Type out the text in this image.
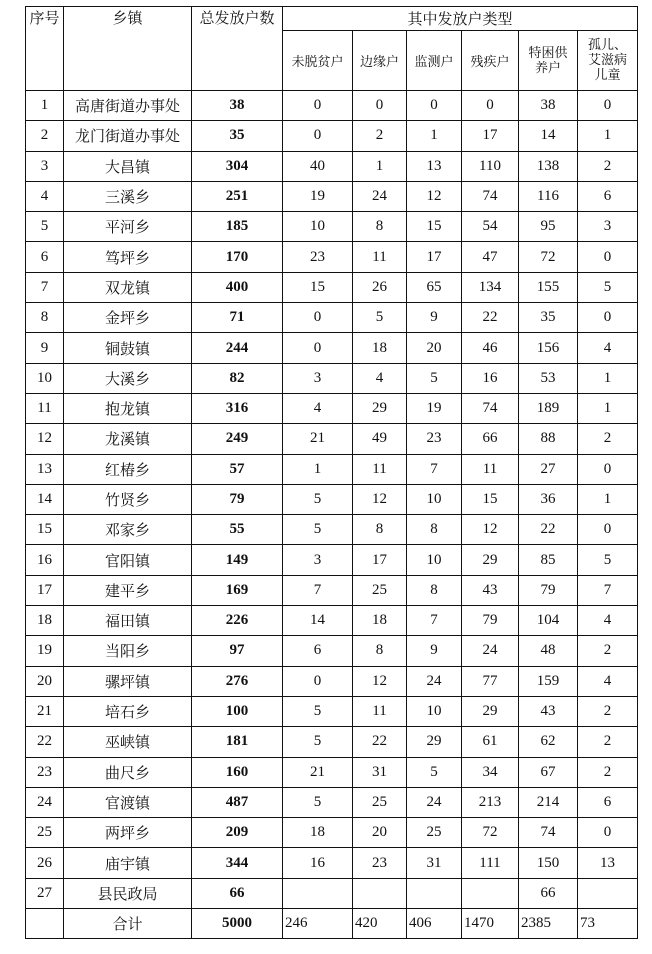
序号	乡镇	总发放户数	其中发放户类型					
			未脱贫户	边缘户	监测户	残疾户	特困供养户	孤儿、艾滋病儿童
1	高唐街道办事处	38	0	0	0	0	38	0
2	龙门街道办事处	35	0	2	1	17	14	1
3	大昌镇	304	40	1	13	110	138	2
4	三溪乡	251	19	24	12	74	116	6
5	平河乡	185	10	8	15	54	95	3
6	笃坪乡	170	23	11	17	47	72	0
7	双龙镇	400	15	26	65	134	155	5
8	金坪乡	71	0	5	9	22	35	0
9	铜鼓镇	244	0	18	20	46	156	4
10	大溪乡	82	3	4	5	16	53	1
11	抱龙镇	316	4	29	19	74	189	1
12	龙溪镇	249	21	49	23	66	88	2
13	红椿乡	57	1	11	7	11	27	0
14	竹贤乡	79	5	12	10	15	36	1
15	邓家乡	55	5	8	8	12	22	0
16	官阳镇	149	3	17	10	29	85	5
17	建平乡	169	7	25	8	43	79	7
18	福田镇	226	14	18	7	79	104	4
19	当阳乡	97	6	8	9	24	48	2
20	骡坪镇	276	0	12	24	77	159	4
21	培石乡	100	5	11	10	29	43	2
22	巫峡镇	181	5	22	29	61	62	2
23	曲尺乡	160	21	31	5	34	67	2
24	官渡镇	487	5	25	24	213	214	6
25	两坪乡	209	18	20	25	72	74	0
26	庙宇镇	344	16	23	31	111	150	13
27	县民政局	66					66	
	合计	5000	246	420	406	1470	2385	73
